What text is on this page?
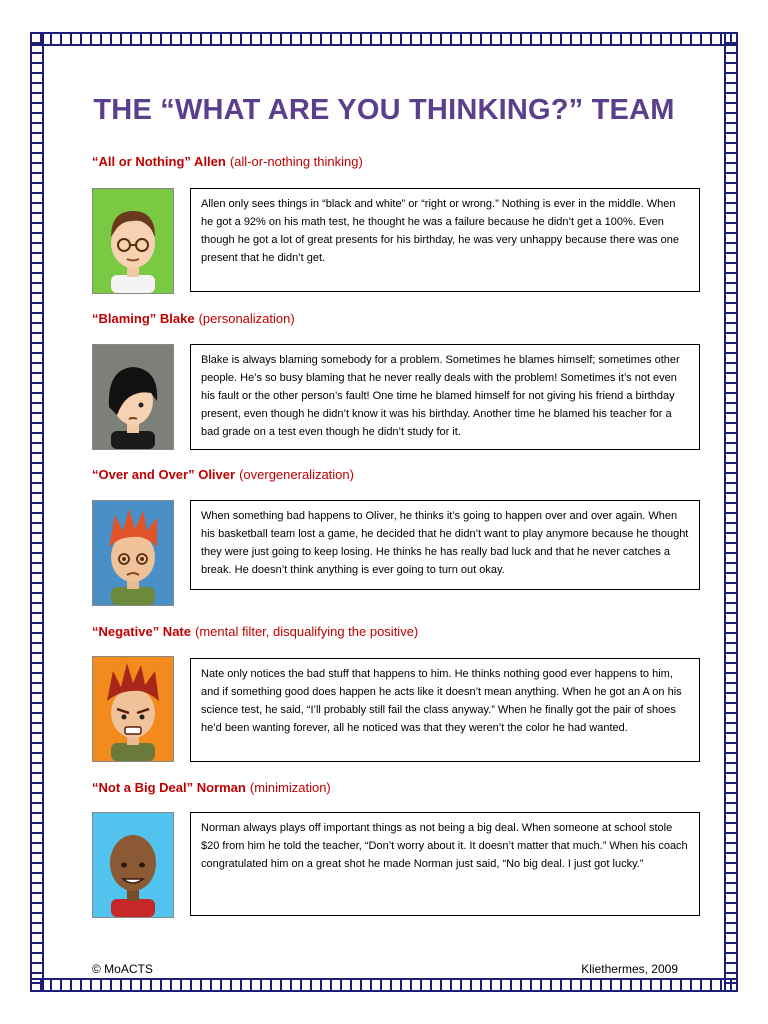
THE “WHAT ARE YOU THINKING?” TEAM
“All or Nothing” Allen (all-or-nothing thinking)
Allen only sees things in “black and white” or “right or wrong.” Nothing is ever in the middle. When he got a 92% on his math test, he thought he was a failure because he didn’t get a 100%. Even though he got a lot of great presents for his birthday, he was very unhappy because there was one present that he didn’t get.
“Blaming” Blake (personalization)
Blake is always blaming somebody for a problem. Sometimes he blames himself; sometimes other people. He’s so busy blaming that he never really deals with the problem! Sometimes it’s not even his fault or the other person’s fault! One time he blamed himself for not giving his friend a birthday present, even though he didn’t know it was his birthday. Another time he blamed his teacher for a bad grade on a test even though he didn’t study for it.
“Over and Over” Oliver (overgeneralization)
When something bad happens to Oliver, he thinks it’s going to happen over and over again. When his basketball team lost a game, he decided that he didn’t want to play anymore because he thought they were just going to keep losing. He thinks he has really bad luck and that he never catches a break. He doesn’t think anything is ever going to turn out okay.
“Negative” Nate (mental filter, disqualifying the positive)
Nate only notices the bad stuff that happens to him. He thinks nothing good ever happens to him, and if something good does happen he acts like it doesn’t mean anything. When he got an A on his science test, he said, “I’ll probably still fail the class anyway.” When he finally got the pair of shoes he’d been wanting forever, all he noticed was that they weren’t the color he had wanted.
“Not a Big Deal” Norman (minimization)
Norman always plays off important things as not being a big deal. When someone at school stole $20 from him he told the teacher, “Don’t worry about it. It doesn’t matter that much.” When his coach congratulated him on a great shot he made Norman just said, “No big deal. I just got lucky.”
© MoACTS	Kliethermes, 2009
